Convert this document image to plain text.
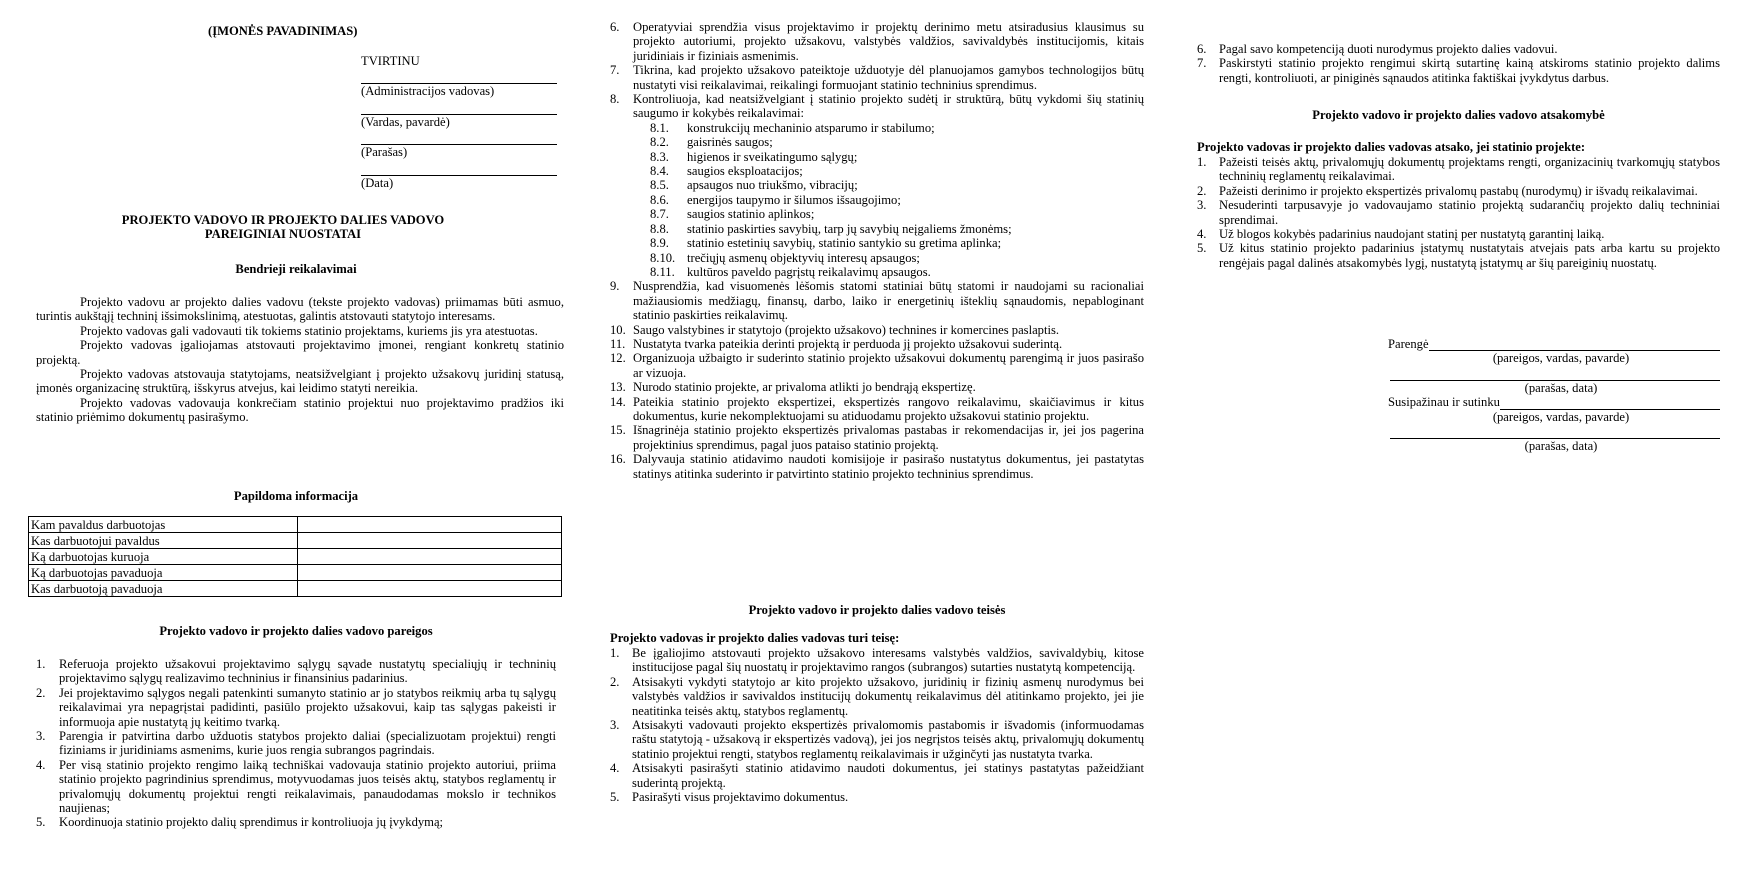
(ĮMONĖS PAVADINIMAS)
TVIRTINU
(Administracijos vadovas)
(Vardas, pavardė)
(Parašas)
(Data)
PROJEKTO VADOVO IR PROJEKTO DALIES VADOVO
PAREIGINIAI NUOSTATAI
Bendrieji reikalavimai

Projekto vadovu ar projekto dalies vadovu (tekste projekto vadovas) priimamas būti asmuo, turintis aukštąjį techninį išsimokslinimą, atestuotas, galintis atstovauti statytojo interesams.

Projekto vadovas gali vadovauti tik tokiems statinio projektams, kuriems jis yra atestuotas.

Projekto vadovas įgaliojamas atstovauti projektavimo įmonei, rengiant konkretų statinio projektą.

Projekto vadovas atstovauja statytojams, neatsižvelgiant į projekto užsakovų juridinį statusą, įmonės organizacinę struktūrą, išskyrus atvejus, kai leidimo statyti nereikia.

Projekto vadovas vadovauja konkrečiam statinio projektui nuo projektavimo pradžios iki statinio priėmimo dokumentų pasirašymo.

Papildoma informacija
Kam pavaldus darbuotojas	
Kas darbuotojui pavaldus	
Ką darbuotojas kuruoja	
Ką darbuotojas pavaduoja	
Kas darbuotoją pavaduoja	
Projekto vadovo ir projekto dalies vadovo pareigos
1.	Referuoja projekto užsakovui projektavimo sąlygų sąvade nustatytų specialiųjų ir techninių projektavimo sąlygų realizavimo techninius ir finansinius padarinius.
2.	Jei projektavimo sąlygos negali patenkinti sumanyto statinio ar jo statybos reikmių arba tų sąlygų reikalavimai yra nepagrįstai padidinti, pasiūlo projekto užsakovui, kaip tas sąlygas pakeisti ir informuoja apie nustatytą jų keitimo tvarką.
3.	Parengia ir patvirtina darbo užduotis statybos projekto daliai (specializuotam projektui) rengti fiziniams ir juridiniams asmenims, kurie juos rengia subrangos pagrindais.
4.	Per visą statinio projekto rengimo laiką techniškai vadovauja statinio projekto autoriui, priima statinio projekto pagrindinius sprendimus, motyvuodamas juos teisės aktų, statybos reglamentų ir privalomųjų dokumentų projektui rengti reikalavimais, panaudodamas mokslo ir technikos naujienas;
5.	Koordinuoja statinio projekto dalių sprendimus ir kontroliuoja jų įvykdymą;
6.	Operatyviai sprendžia visus projektavimo ir projektų derinimo metu atsiradusius klausimus su projekto autoriumi, projekto užsakovu, valstybės valdžios, savivaldybės institucijomis, kitais juridiniais ir fiziniais asmenimis.
7.	Tikrina, kad projekto užsakovo pateiktoje užduotyje dėl planuojamos gamybos technologijos būtų nustatyti visi reikalavimai, reikalingi formuojant statinio techninius sprendimus.
8.	Kontroliuoja, kad neatsižvelgiant į statinio projekto sudėtį ir struktūrą, būtų vykdomi šių statinių saugumo ir kokybės reikalavimai:
8.1.	konstrukcijų mechaninio atsparumo ir stabilumo;
8.2.	gaisrinės saugos;
8.3.	higienos ir sveikatingumo sąlygų;
8.4.	saugios eksploatacijos;
8.5.	apsaugos nuo triukšmo, vibracijų;
8.6.	energijos taupymo ir šilumos išsaugojimo;
8.7.	saugios statinio aplinkos;
8.8.	statinio paskirties savybių, tarp jų savybių neįgaliems žmonėms;
8.9.	statinio estetinių savybių, statinio santykio su gretima aplinka;
8.10. trečiųjų asmenų objektyvių interesų apsaugos;
8.11. kultūros paveldo pagrįstų reikalavimų apsaugos.
9.	Nusprendžia, kad visuomenės lėšomis statomi statiniai būtų statomi ir naudojami su racionaliai mažiausiomis medžiagų, finansų, darbo, laiko ir energetinių išteklių sąnaudomis, nepabloginant statinio paskirties reikalavimų.
10. Saugo valstybines ir statytojo (projekto užsakovo) technines ir komercines paslaptis.
11. Nustatyta tvarka pateikia derinti projektą ir perduoda jį projekto užsakovui suderintą.
12. Organizuoja užbaigto ir suderinto statinio projekto užsakovui dokumentų parengimą ir juos pasirašo ar vizuoja.
13. Nurodo statinio projekte, ar privaloma atlikti jo bendrąją ekspertizę.
14. Pateikia statinio projekto ekspertizei, ekspertizės rangovo reikalavimu, skaičiavimus ir kitus dokumentus, kurie nekomplektuojami su atiduodamu projekto užsakovui statinio projektu.
15. Išnagrinėja statinio projekto ekspertizės privalomas pastabas ir rekomendacijas ir, jei jos pagerina projektinius sprendimus, pagal juos pataiso statinio projektą.
16. Dalyvauja statinio atidavimo naudoti komisijoje ir pasirašo nustatytus dokumentus, jei pastatytas statinys atitinka suderinto ir patvirtinto statinio projekto techninius sprendimus.
Projekto vadovo ir projekto dalies vadovo teisės
Projekto vadovas ir projekto dalies vadovas turi teisę:
1. Be įgaliojimo atstovauti projekto užsakovo interesams valstybės valdžios, savivaldybių, kitose institucijose pagal šių nuostatų ir projektavimo rangos (subrangos) sutarties nustatytą kompetenciją.
2. Atsisakyti vykdyti statytojo ar kito projekto užsakovo, juridinių ir fizinių asmenų nurodymus bei valstybės valdžios ir savivaldos institucijų dokumentų reikalavimus dėl atitinkamo projekto, jei jie neatitinka teisės aktų, statybos reglamentų.
3. Atsisakyti vadovauti projekto ekspertizės privalomomis pastabomis ir išvadomis (informuodamas raštu statytoją - užsakovą ir ekspertizės vadovą), jei jos negrįstos teisės aktų, privalomųjų dokumentų statinio projektui rengti, statybos reglamentų reikalavimais ir užginčyti jas nustatyta tvarka.
4. Atsisakyti pasirašyti statinio atidavimo naudoti dokumentus, jei statinys pastatytas pažeidžiant suderintą projektą.
5. Pasirašyti visus projektavimo dokumentus.
6. Pagal savo kompetenciją duoti nurodymus projekto dalies vadovui.
7. Paskirstyti statinio projekto rengimui skirtą sutartinę kainą atskiroms statinio projekto dalims rengti, kontroliuoti, ar piniginės sąnaudos atitinka faktiškai įvykdytus darbus.
Projekto vadovo ir projekto dalies vadovo atsakomybė
Projekto vadovas ir projekto dalies vadovas atsako, jei statinio projekte:
1. Pažeisti teisės aktų, privalomųjų dokumentų projektams rengti, organizacinių tvarkomųjų statybos techninių reglamentų reikalavimai.
2. Pažeisti derinimo ir projekto ekspertizės privalomų pastabų (nurodymų) ir išvadų reikalavimai.
3. Nesuderinti tarpusavyje jo vadovaujamo statinio projektą sudarančių projekto dalių techniniai sprendimai.
4. Už blogos kokybės padarinius naudojant statinį per nustatytą garantinį laiką.
5. Už kitus statinio projekto padarinius įstatymų nustatytais atvejais pats arba kartu su projekto rengėjais pagal dalinės atsakomybės lygį, nustatytą įstatymų ar šių pareiginių nuostatų.
Parengė
(pareigos, vardas, pavarde)
(parašas, data)
Susipažinau ir sutinku
(pareigos, vardas, pavarde)
(parašas, data)
